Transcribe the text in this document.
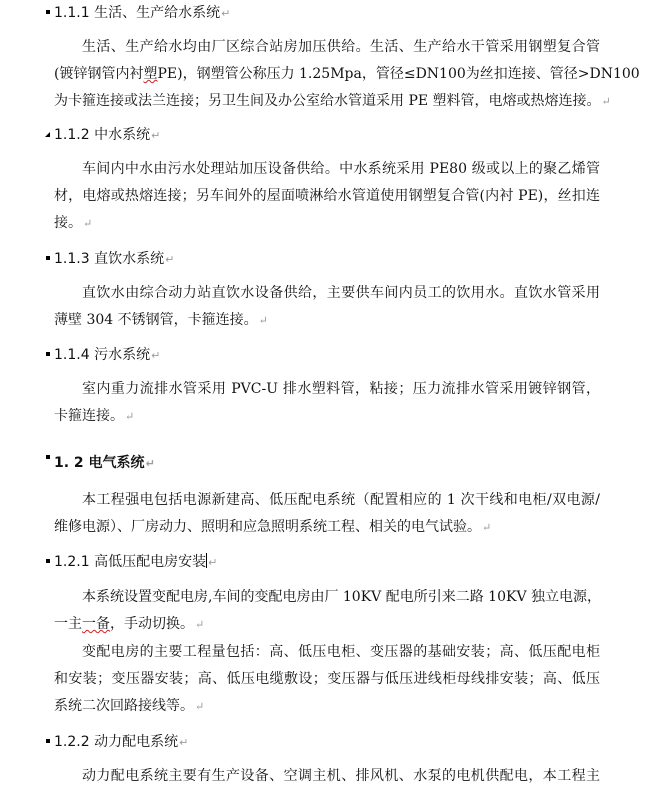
1.1.1 生活、生产给水系统↵
生活、生产给水均由厂区综合站房加压供给。生活、生产给水干管采用钢塑复合管
(镀锌钢管内衬塑PE)，钢塑管公称压力 1.25Mpa，管径≤DN100为丝扣连接、管径>DN100
为卡箍连接或法兰连接；另卫生间及办公室给水管道采用 PE 塑料管，电熔或热熔连接。↵
1.1.2 中水系统↵
车间内中水由污水处理站加压设备供给。中水系统采用 PE80 级或以上的聚乙烯管
材，电熔或热熔连接；另车间外的屋面喷淋给水管道使用钢塑复合管(内衬 PE)，丝扣连
接。↵
1.1.3 直饮水系统↵
直饮水由综合动力站直饮水设备供给，主要供车间内员工的饮用水。直饮水管采用
薄壁 304 不锈钢管，卡箍连接。↵
1.1.4 污水系统↵
室内重力流排水管采用 PVC-U 排水塑料管，粘接；压力流排水管采用镀锌钢管，
卡箍连接。↵
1. 2 电气系统↵
本工程强电包括电源新建高、低压配电系统（配置相应的 1 次干线和电柜/双电源/
维修电源）、厂房动力、照明和应急照明系统工程、相关的电气试验。↵
1.2.1 高低压配电房安装 ↵
本系统设置变配电房,车间的变配电房由厂 10KV 配电所引来二路 10KV 独立电源，
一主一备，手动切换。↵
变配电房的主要工程量包括：高、低压电柜、变压器的基础安装；高、低压配电柜
和安装；变压器安装；高、低压电缆敷设；变压器与低压进线柜母线排安装；高、低压
系统二次回路接线等。↵
1.2.2 动力配电系统↵
动力配电系统主要有生产设备、空调主机、排风机、水泵的电机供配电，本工程主
